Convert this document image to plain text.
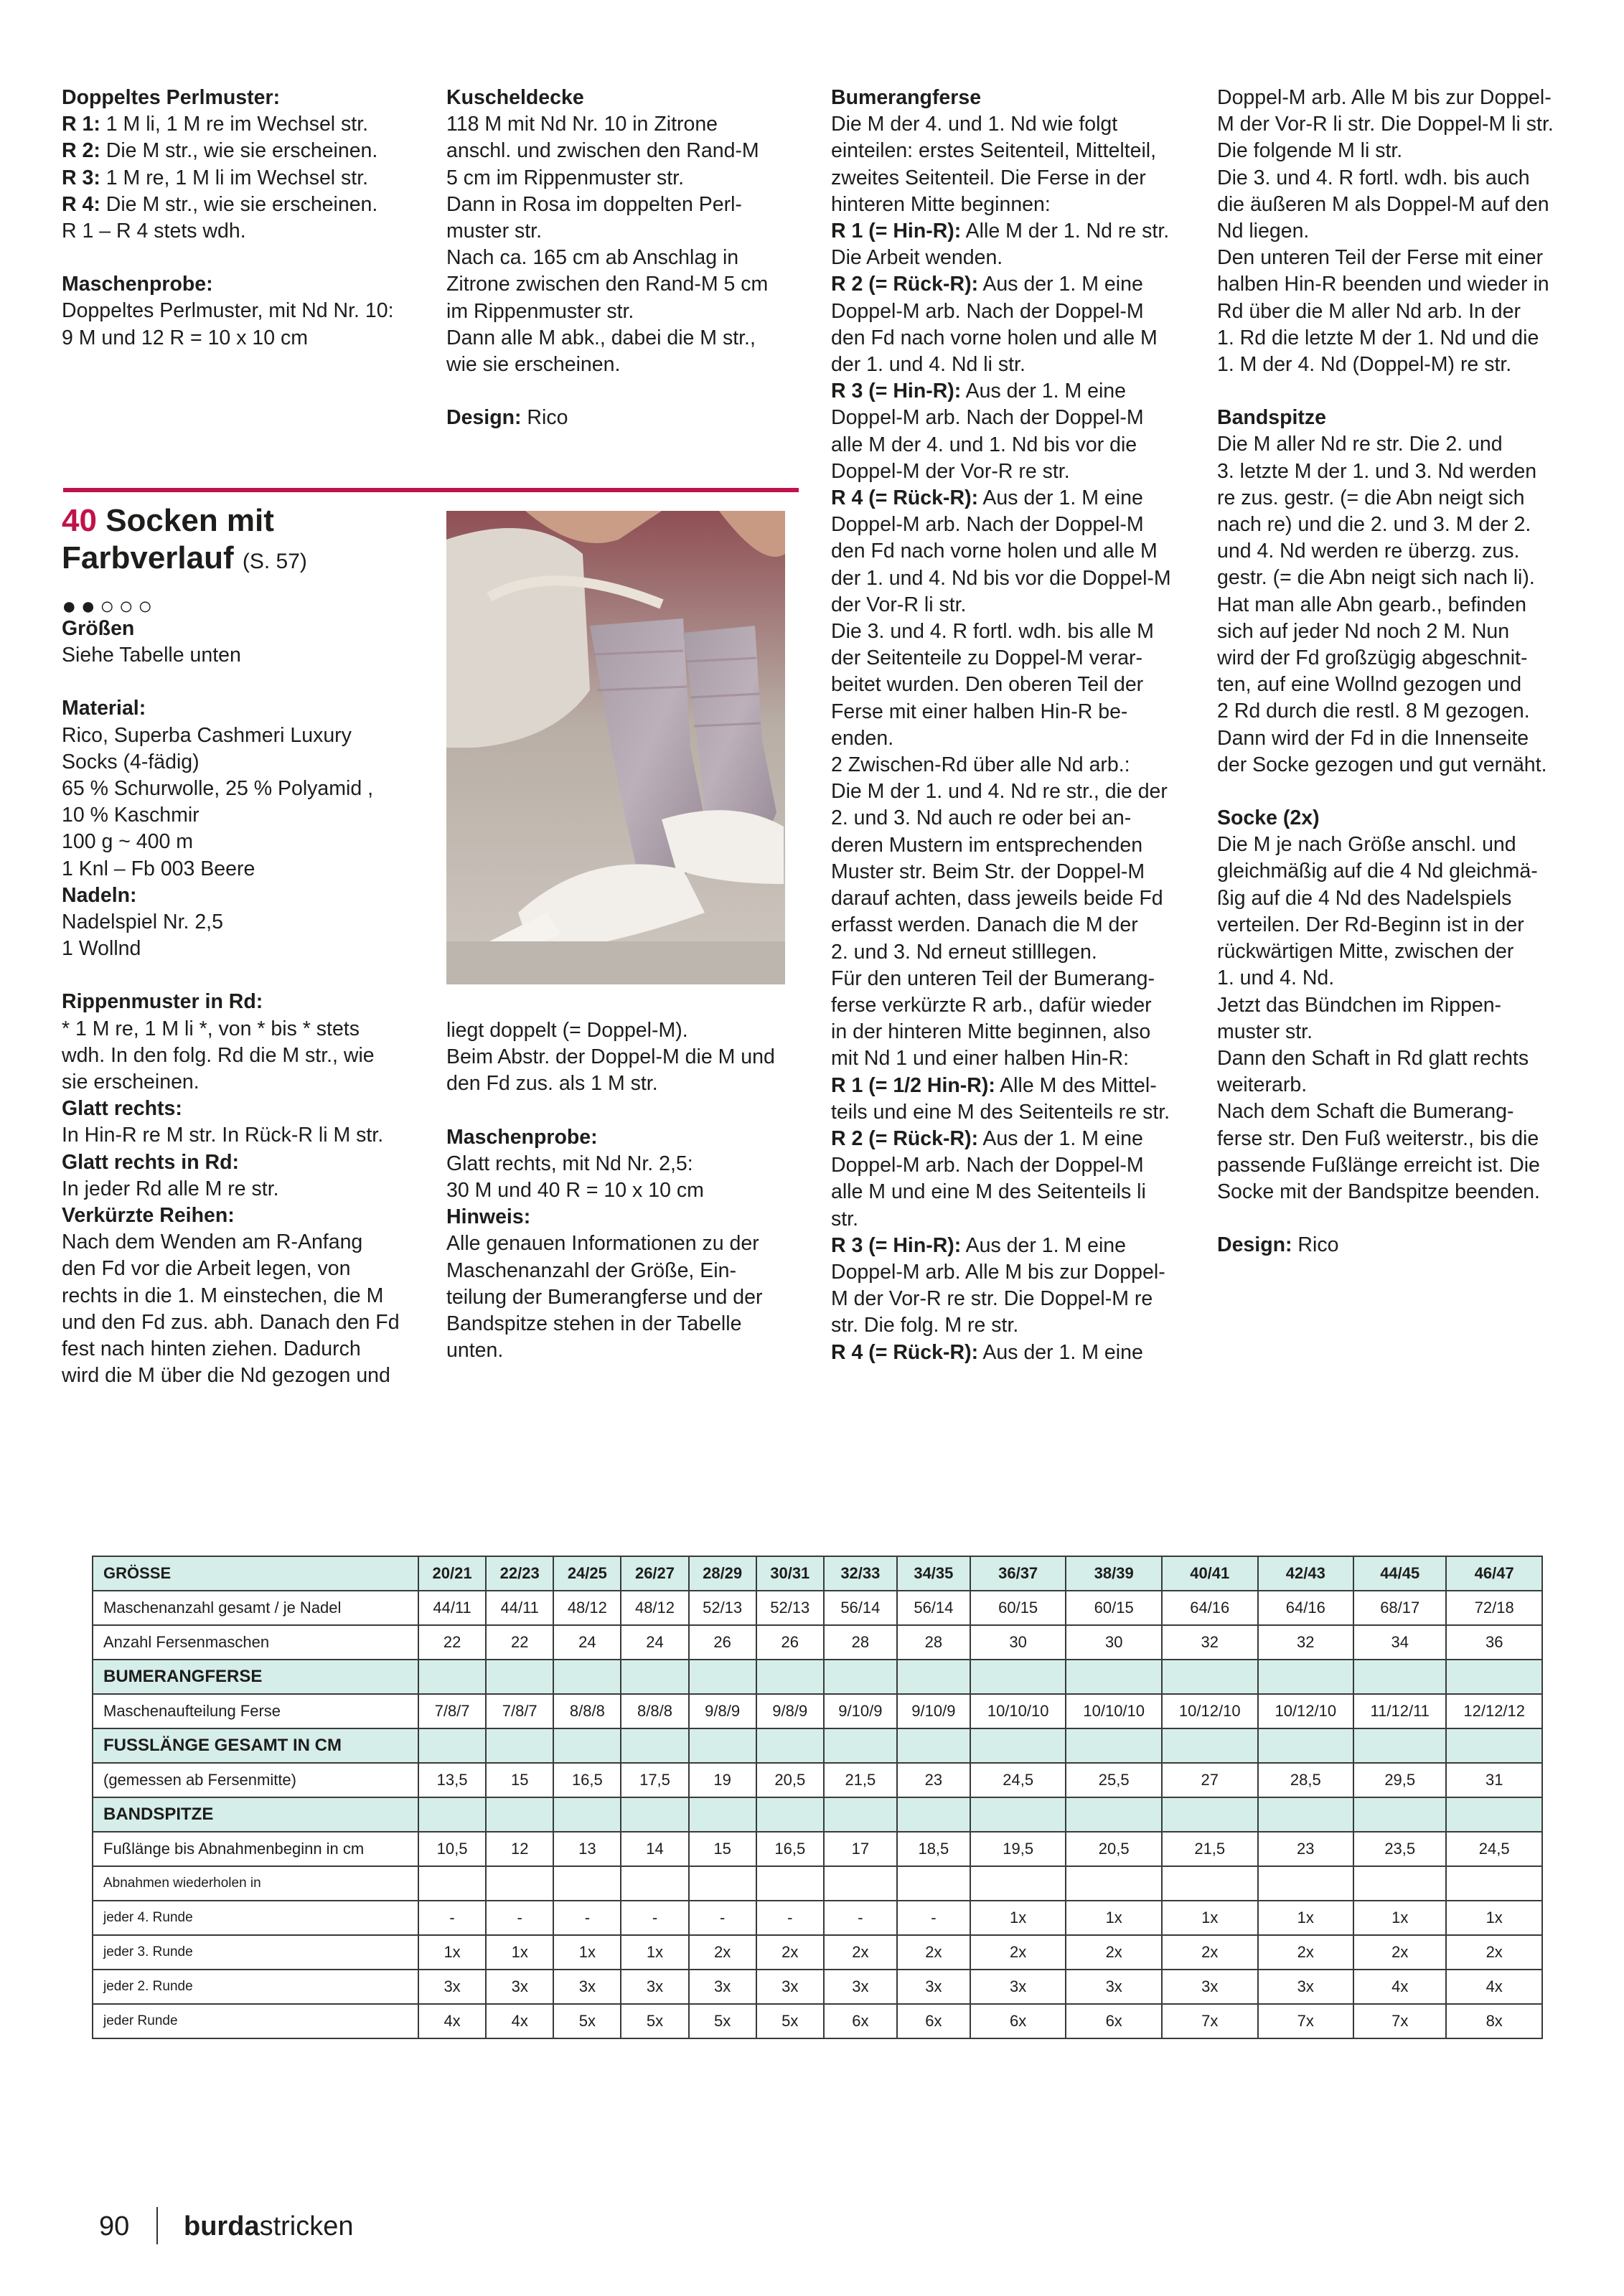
Doppeltes Perlmuster:

R 1: 1 M li, 1 M re im Wechsel str.

R 2: Die M str., wie sie erscheinen.

R 3: 1 M re, 1 M li im Wechsel str.

R 4: Die M str., wie sie erscheinen.

R 1 – R 4 stets wdh.

Maschenprobe:

Doppeltes Perlmuster, mit Nd Nr. 10:

9 M und 12 R = 10 x 10 cm

Kuscheldecke

118 M mit Nd Nr. 10 in Zitrone

anschl. und zwischen den Rand-M

5 cm im Rippenmuster str.

Dann in Rosa im doppelten Perl-

muster str.

Nach ca. 165 cm ab Anschlag in

Zitrone zwischen den Rand-M 5 cm

im Rippenmuster str.

Dann alle M abk., dabei die M str.,

wie sie erscheinen.

Design: Rico

40 Socken mit

Farbverlauf (S. 57)

●●○○○

Größen

Siehe Tabelle unten

Material:

Rico, Superba Cashmeri Luxury

Socks (4-fädig)

65 % Schurwolle, 25 % Polyamid ,

10 % Kaschmir

100 g ~ 400 m

1 Knl – Fb 003 Beere

Nadeln:

Nadelspiel Nr. 2,5

1 Wollnd

Rippenmuster in Rd:

* 1 M re, 1 M li *, von * bis * stets

wdh. In den folg. Rd die M str., wie

sie erscheinen.

Glatt rechts:

In Hin-R re M str. In Rück-R li M str.

Glatt rechts in Rd:

In jeder Rd alle M re str.

Verkürzte Reihen:

Nach dem Wenden am R-Anfang

den Fd vor die Arbeit legen, von

rechts in die 1. M einstechen, die M

und den Fd zus. abh. Danach den Fd

fest nach hinten ziehen. Dadurch

wird die M über die Nd gezogen und

liegt doppelt (= Doppel-M).

Beim Abstr. der Doppel-M die M und

den Fd zus. als 1 M str.

Maschenprobe:

Glatt rechts, mit Nd Nr. 2,5:

30 M und 40 R = 10 x 10 cm

Hinweis:

Alle genauen Informationen zu der

Maschenanzahl der Größe, Ein-

teilung der Bumerangferse und der

Bandspitze stehen in der Tabelle

unten.

Bumerangferse

Die M der 4. und 1. Nd wie folgt

einteilen: erstes Seitenteil, Mittelteil,

zweites Seitenteil. Die Ferse in der

hinteren Mitte beginnen:

R 1 (= Hin-R): Alle M der 1. Nd re str.

Die Arbeit wenden.

R 2 (= Rück-R): Aus der 1. M eine

Doppel-M arb. Nach der Doppel-M

den Fd nach vorne holen und alle M

der 1. und 4. Nd li str.

R 3 (= Hin-R): Aus der 1. M eine

Doppel-M arb. Nach der Doppel-M

alle M der 4. und 1. Nd bis vor die

Doppel-M der Vor-R re str.

R 4 (= Rück-R): Aus der 1. M eine

Doppel-M arb. Nach der Doppel-M

den Fd nach vorne holen und alle M

der 1. und 4. Nd bis vor die Doppel-M

der Vor-R li str.

Die 3. und 4. R fortl. wdh. bis alle M

der Seitenteile zu Doppel-M verar-

beitet wurden. Den oberen Teil der

Ferse mit einer halben Hin-R be-

enden.

2 Zwischen-Rd über alle Nd arb.:

Die M der 1. und 4. Nd re str., die der

2. und 3. Nd auch re oder bei an-

deren Mustern im entsprechenden

Muster str. Beim Str. der Doppel-M

darauf achten, dass jeweils beide Fd

erfasst werden. Danach die M der

2. und 3. Nd erneut stilllegen.

Für den unteren Teil der Bumerang-

ferse verkürzte R arb., dafür wieder

in der hinteren Mitte beginnen, also

mit Nd 1 und einer halben Hin-R:

R 1 (= 1/2 Hin-R): Alle M des Mittel-

teils und eine M des Seitenteils re str.

R 2 (= Rück-R): Aus der 1. M eine

Doppel-M arb. Nach der Doppel-M

alle M und eine M des Seitenteils li

str.

R 3 (= Hin-R): Aus der 1. M eine

Doppel-M arb. Alle M bis zur Doppel-

M der Vor-R re str. Die Doppel-M re

str. Die folg. M re str.

R 4 (= Rück-R): Aus der 1. M eine

Doppel-M arb. Alle M bis zur Doppel-

M der Vor-R li str. Die Doppel-M li str.

Die folgende M li str.

Die 3. und 4. R fortl. wdh. bis auch

die äußeren M als Doppel-M auf den

Nd liegen.

Den unteren Teil der Ferse mit einer

halben Hin-R beenden und wieder in

Rd über die M aller Nd arb. In der

1. Rd die letzte M der 1. Nd und die

1. M der 4. Nd (Doppel-M) re str.

Bandspitze

Die M aller Nd re str. Die 2. und

3. letzte M der 1. und 3. Nd werden

re zus. gestr. (= die Abn neigt sich

nach re) und die 2. und 3. M der 2.

und 4. Nd werden re überzg. zus.

gestr. (= die Abn neigt sich nach li).

Hat man alle Abn gearb., befinden

sich auf jeder Nd noch 2 M. Nun

wird der Fd großzügig abgeschnit-

ten, auf eine Wollnd gezogen und

2 Rd durch die restl. 8 M gezogen.

Dann wird der Fd in die Innenseite

der Socke gezogen und gut vernäht.

Socke (2x)

Die M je nach Größe anschl. und

gleichmäßig auf die 4 Nd gleichmä-

ßig auf die 4 Nd des Nadelspiels

verteilen. Der Rd-Beginn ist in der

rückwärtigen Mitte, zwischen der

1. und 4. Nd.

Jetzt das Bündchen im Rippen-

muster str.

Dann den Schaft in Rd glatt rechts

weiterarb.

Nach dem Schaft die Bumerang-

ferse str. Den Fuß weiterstr., bis die

passende Fußlänge erreicht ist. Die

Socke mit der Bandspitze beenden.

Design: Rico

GRÖSSE	20/21	22/23	24/25	26/27	28/29	30/31	32/33	34/35	36/37	38/39	40/41	42/43	44/45	46/47
Maschenanzahl gesamt / je Nadel	44/11	44/11	48/12	48/12	52/13	52/13	56/14	56/14	60/15	60/15	64/16	64/16	68/17	72/18
Anzahl Fersenmaschen	22	22	24	24	26	26	28	28	30	30	32	32	34	36
BUMERANGFERSE														
Maschenaufteilung Ferse	7/8/7	7/8/7	8/8/8	8/8/8	9/8/9	9/8/9	9/10/9	9/10/9	10/10/10	10/10/10	10/12/10	10/12/10	11/12/11	12/12/12
FUSSLÄNGE GESAMT IN CM														
(gemessen ab Fersenmitte)	13,5	15	16,5	17,5	19	20,5	21,5	23	24,5	25,5	27	28,5	29,5	31
BANDSPITZE														
Fußlänge bis Abnahmenbeginn in cm	10,5	12	13	14	15	16,5	17	18,5	19,5	20,5	21,5	23	23,5	24,5
Abnahmen wiederholen in														
jeder 4. Runde	-	-	-	-	-	-	-	-	1x	1x	1x	1x	1x	1x
jeder 3. Runde	1x	1x	1x	1x	2x	2x	2x	2x	2x	2x	2x	2x	2x	2x
jeder 2. Runde	3x	3x	3x	3x	3x	3x	3x	3x	3x	3x	3x	3x	4x	4x
jeder Runde	4x	4x	5x	5x	5x	5x	6x	6x	6x	6x	7x	7x	7x	8x
90 burdastricken
